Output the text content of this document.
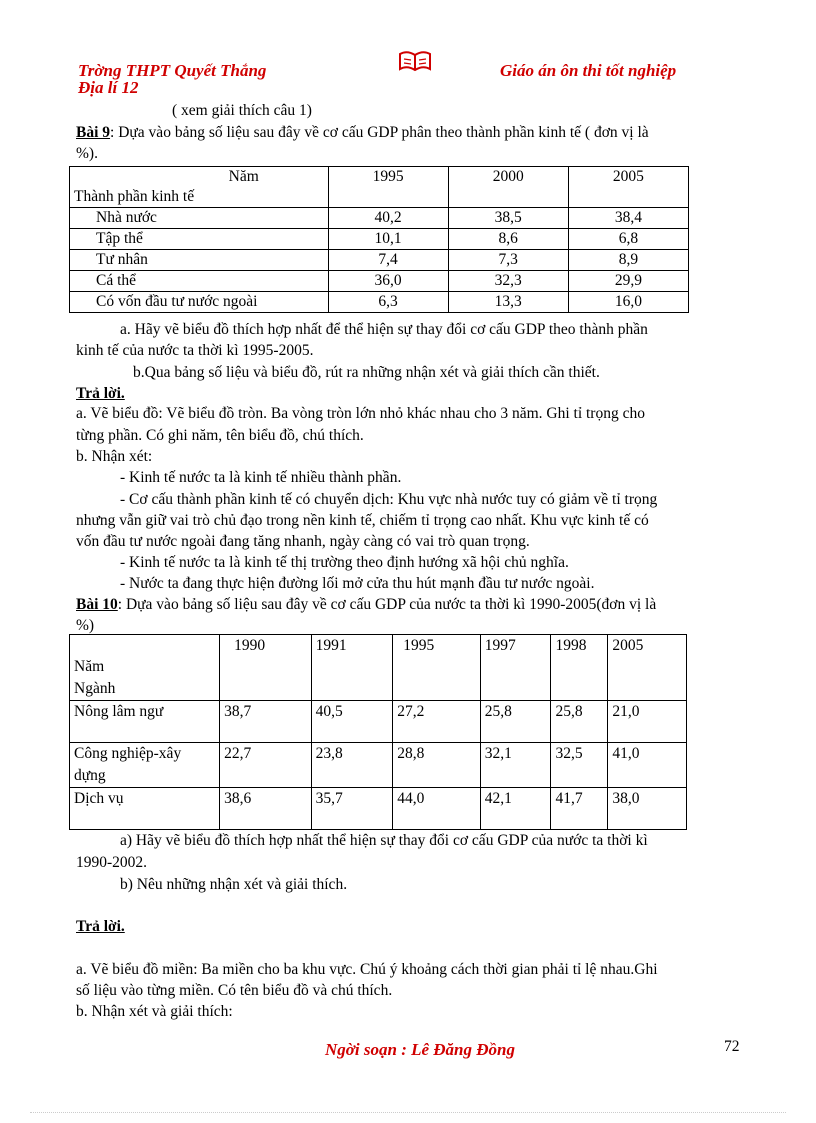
Trờng THPT Quyết Thắng
Địa lí 12
Giáo án ôn thi tốt nghiệp
( xem giải thích câu 1)
Bài 9: Dựa vào bảng số liệu sau đây về cơ cấu GDP phân theo thành phần kinh tế ( đơn vị là
%).
Năm
Thành phần kinh tế	1995	2000	2005

Nhà nước	40,2	38,5	38,4
Tập thể	10,1	8,6	6,8
Tư nhân	7,4	7,3	8,9
Cá thể	36,0	32,3	29,9
Có vốn đầu tư nước ngoài	6,3	13,3	16,0
a. Hãy vẽ biểu đồ thích hợp nhất để thể hiện sự thay đổi cơ cấu GDP theo thành phần
kinh tế của nước ta thời kì 1995-2005.
b.Qua bảng số liệu và biểu đồ, rút ra những nhận xét và giải thích cần thiết.
Trả lời.
a. Vẽ biểu đồ: Vẽ biểu đồ tròn. Ba vòng tròn lớn nhỏ khác nhau cho 3 năm. Ghi tỉ trọng cho
từng phần. Có ghi năm, tên biểu đồ, chú thích.
b. Nhận xét:
- Kinh tế nước ta là kinh tế nhiều thành phần.
- Cơ cấu thành phần kinh tế có chuyển dịch: Khu vực nhà nước tuy có giảm về tỉ trọng
nhưng vẫn giữ vai trò chủ đạo trong nền kinh tế, chiếm tỉ trọng cao nhất. Khu vực kinh tế có
vốn đầu tư nước ngoài đang tăng nhanh, ngày càng có vai trò quan trọng.
- Kinh tế nước ta là kinh tế thị trường theo định hướng xã hội chủ nghĩa.
- Nước ta đang thực hiện đường lối mở cửa thu hút mạnh đầu tư nước ngoài.
Bài 10: Dựa vào bảng số liệu sau đây về cơ cấu GDP của nước ta thời kì 1990-2005(đơn vị là
%)
Năm
Ngành	1990	1991	1995	1997	1998	2005
Nông lâm ngư	38,7	40,5	27,2	25,8	25,8	21,0
Công nghiệp-xây dựng	22,7	23,8	28,8	32,1	32,5	41,0
Dịch vụ	38,6	35,7	44,0	42,1	41,7	38,0
a) Hãy vẽ biểu đồ thích hợp nhất thể hiện sự thay đổi cơ cấu GDP của nước ta thời kì
1990-2002.
b) Nêu những nhận xét và giải thích.
Trả lời.
a. Vẽ biểu đồ miền: Ba miền cho ba khu vực. Chú ý khoảng cách thời gian phải tỉ lệ nhau.Ghi
số liệu vào từng miền. Có tên biểu đồ và chú thích.
b. Nhận xét và giải thích:
Ngời soạn : Lê Đăng Đồng	72
